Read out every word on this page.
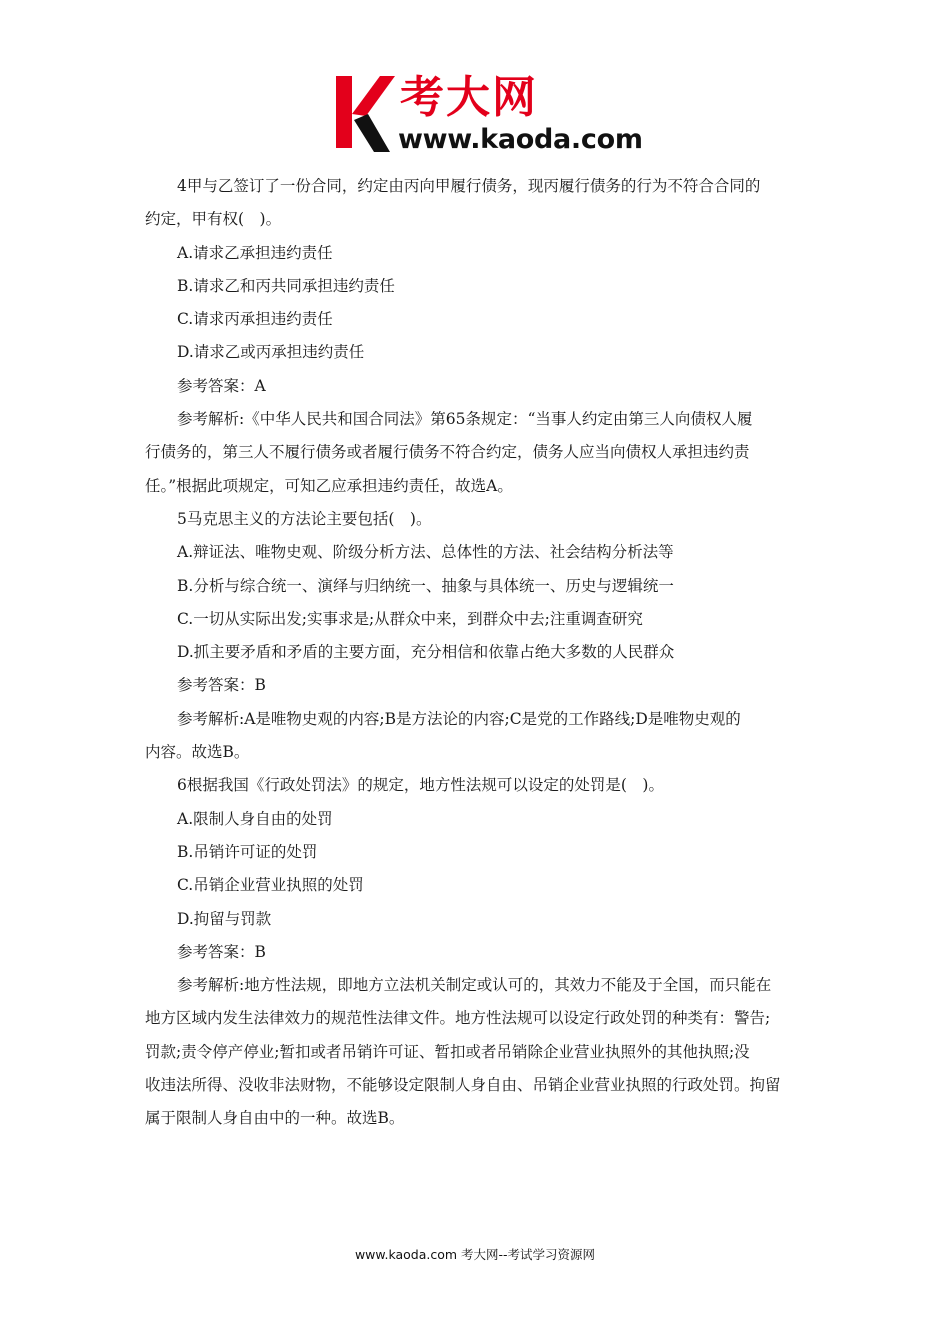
考大网
www.kaoda.com
4甲与乙签订了一份合同，约定由丙向甲履行债务，现丙履行债务的行为不符合合同的
约定，甲有权(　)。
A.请求乙承担违约责任
B.请求乙和丙共同承担违约责任
C.请求丙承担违约责任
D.请求乙或丙承担违约责任
参考答案：A
参考解析:《中华人民共和国合同法》第65条规定：“当事人约定由第三人向债权人履
行债务的，第三人不履行债务或者履行债务不符合约定，债务人应当向债权人承担违约责
任。”根据此项规定，可知乙应承担违约责任，故选A。
5马克思主义的方法论主要包括(　)。
A.辩证法、唯物史观、阶级分析方法、总体性的方法、社会结构分析法等
B.分析与综合统一、演绎与归纳统一、抽象与具体统一、历史与逻辑统一
C.一切从实际出发;实事求是;从群众中来，到群众中去;注重调查研究
D.抓主要矛盾和矛盾的主要方面，充分相信和依靠占绝大多数的人民群众
参考答案：B
参考解析:A是唯物史观的内容;B是方法论的内容;C是党的工作路线;D是唯物史观的
内容。故选B。
6根据我国《行政处罚法》的规定，地方性法规可以设定的处罚是(　)。
A.限制人身自由的处罚
B.吊销许可证的处罚
C.吊销企业营业执照的处罚
D.拘留与罚款
参考答案：B
参考解析:地方性法规，即地方立法机关制定或认可的，其效力不能及于全国，而只能在
地方区域内发生法律效力的规范性法律文件。地方性法规可以设定行政处罚的种类有：警告;
罚款;责令停产停业;暂扣或者吊销许可证、暂扣或者吊销除企业营业执照外的其他执照;没
收违法所得、没收非法财物，不能够设定限制人身自由、吊销企业营业执照的行政处罚。拘留
属于限制人身自由中的一种。故选B。
www.kaoda.com 考大网--考试学习资源网
